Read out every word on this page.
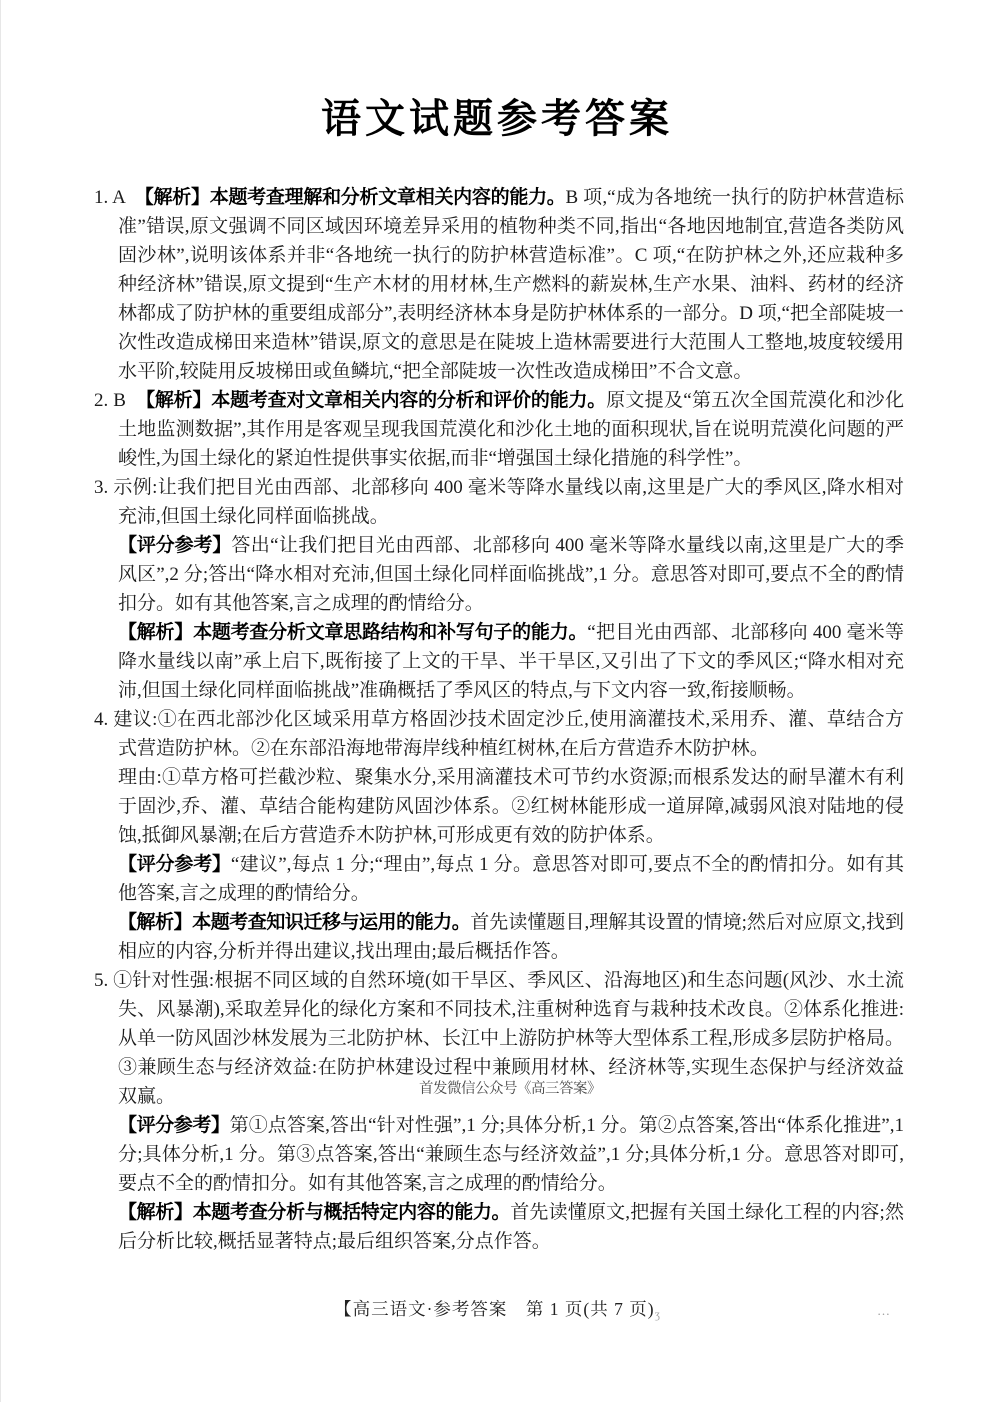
语文试题参考答案

1. A　【解析】本题考查理解和分析文章相关内容的能力。B 项,“成为各地统一执行的防护林营造标准”错误,原文强调不同区域因环境差异采用的植物种类不同,指出“各地因地制宜,营造各类防风固沙林”,说明该体系并非“各地统一执行的防护林营造标准”。C 项,“在防护林之外,还应栽种多种经济林”错误,原文提到“生产木材的用材林,生产燃料的薪炭林,生产水果、油料、药材的经济林都成了防护林的重要组成部分”,表明经济林本身是防护林体系的一部分。D 项,“把全部陡坡一次性改造成梯田来造林”错误,原文的意思是在陡坡上造林需要进行大范围人工整地,坡度较缓用水平阶,较陡用反坡梯田或鱼鳞坑,“把全部陡坡一次性改造成梯田”不合文意。

2. B　【解析】本题考查对文章相关内容的分析和评价的能力。原文提及“第五次全国荒漠化和沙化土地监测数据”,其作用是客观呈现我国荒漠化和沙化土地的面积现状,旨在说明荒漠化问题的严峻性,为国土绿化的紧迫性提供事实依据,而非“增强国土绿化措施的科学性”。

3. 示例:让我们把目光由西部、北部移向 400 毫米等降水量线以南,这里是广大的季风区,降水相对充沛,但国土绿化同样面临挑战。

【评分参考】答出“让我们把目光由西部、北部移向 400 毫米等降水量线以南,这里是广大的季风区”,2 分;答出“降水相对充沛,但国土绿化同样面临挑战”,1 分。意思答对即可,要点不全的酌情扣分。如有其他答案,言之成理的酌情给分。

【解析】本题考查分析文章思路结构和补写句子的能力。“把目光由西部、北部移向 400 毫米等降水量线以南”承上启下,既衔接了上文的干旱、半干旱区,又引出了下文的季风区;“降水相对充沛,但国土绿化同样面临挑战”准确概括了季风区的特点,与下文内容一致,衔接顺畅。

4. 建议:①在西北部沙化区域采用草方格固沙技术固定沙丘,使用滴灌技术,采用乔、灌、草结合方式营造防护林。②在东部沿海地带海岸线种植红树林,在后方营造乔木防护林。

理由:①草方格可拦截沙粒、聚集水分,采用滴灌技术可节约水资源;而根系发达的耐旱灌木有利于固沙,乔、灌、草结合能构建防风固沙体系。②红树林能形成一道屏障,减弱风浪对陆地的侵蚀,抵御风暴潮;在后方营造乔木防护林,可形成更有效的防护体系。

【评分参考】“建议”,每点 1 分;“理由”,每点 1 分。意思答对即可,要点不全的酌情扣分。如有其他答案,言之成理的酌情给分。

【解析】本题考查知识迁移与运用的能力。首先读懂题目,理解其设置的情境;然后对应原文,找到相应的内容,分析并得出建议,找出理由;最后概括作答。

5. ①针对性强:根据不同区域的自然环境(如干旱区、季风区、沿海地区)和生态问题(风沙、水土流失、风暴潮),采取差异化的绿化方案和不同技术,注重树种选育与栽种技术改良。②体系化推进:从单一防风固沙林发展为三北防护林、长江中上游防护林等大型体系工程,形成多层防护格局。③兼顾生态与经济效益:在防护林建设过程中兼顾用材林、经济林等,实现生态保护与经济效益双赢。

【评分参考】第①点答案,答出“针对性强”,1 分;具体分析,1 分。第②点答案,答出“体系化推进”,1 分;具体分析,1 分。第③点答案,答出“兼顾生态与经济效益”,1 分;具体分析,1 分。意思答对即可,要点不全的酌情扣分。如有其他答案,言之成理的酌情给分。

【解析】本题考查分析与概括特定内容的能力。首先读懂原文,把握有关国土绿化工程的内容;然后分析比较,概括显著特点;最后组织答案,分点作答。

首发微信公众号《高三答案》
【高三语文·参考答案　第 1 页(共 7 页)ʒ	…
